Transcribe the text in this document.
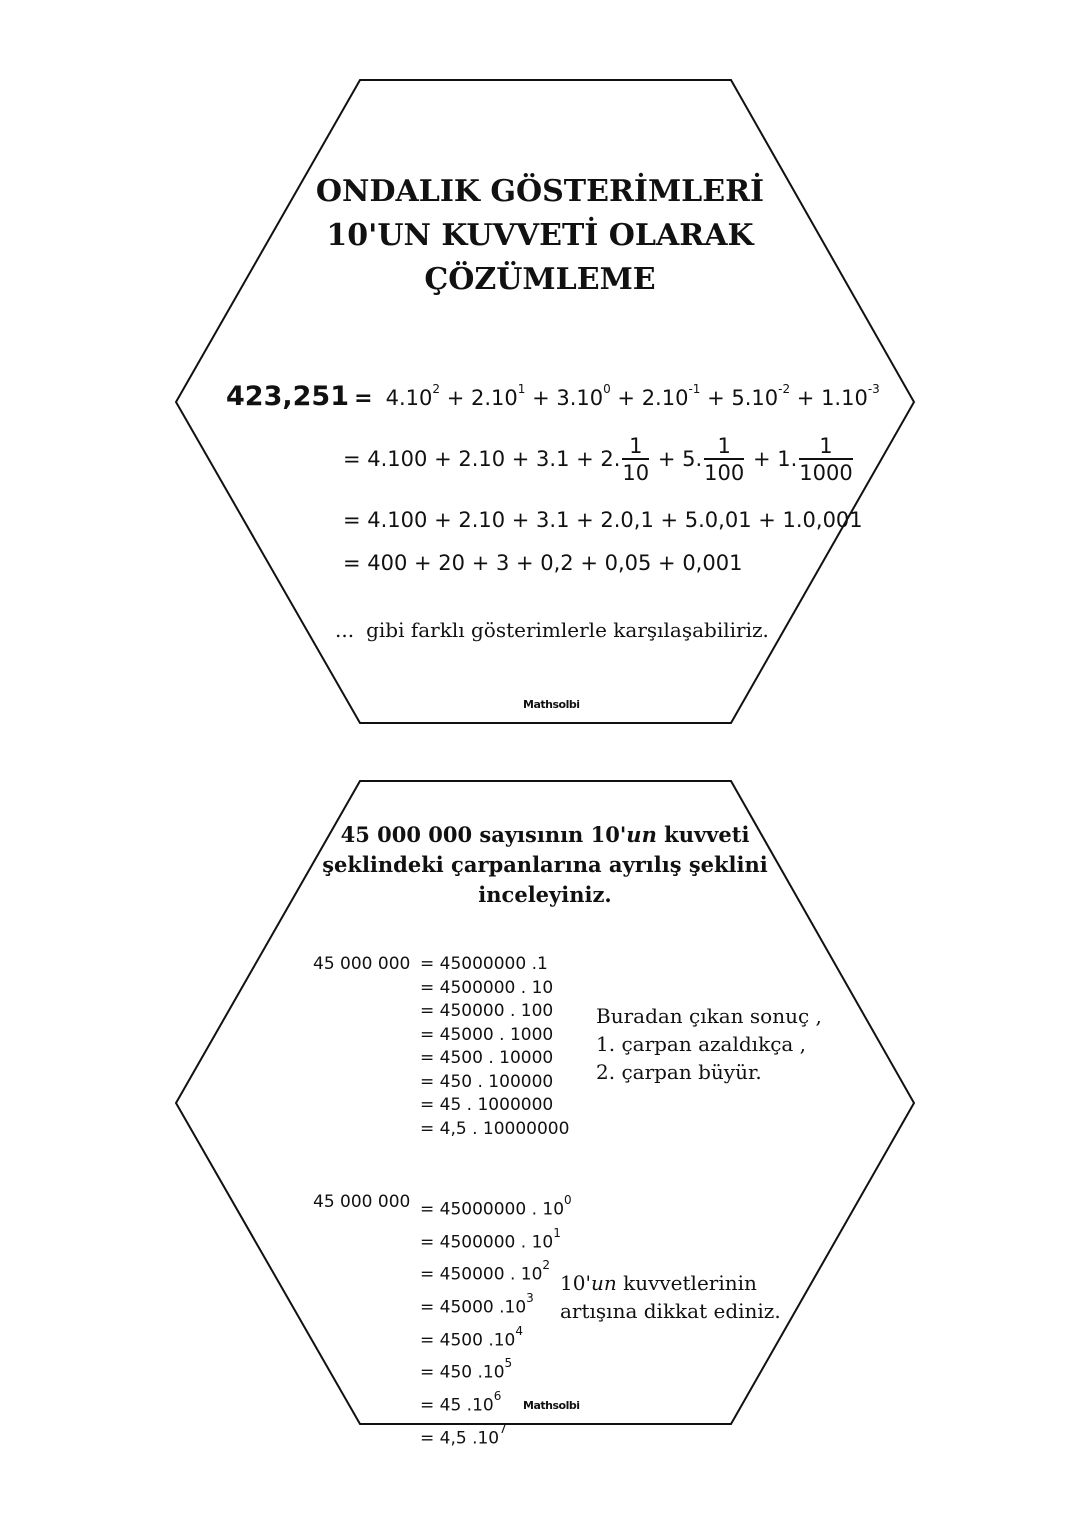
ONDALIK GÖSTERİMLERİ
10'UN KUVVETİ OLARAK
ÇÖZÜMLEME
$423,251 = 4.10^2 + 2.10^1 + 3.10^0 + 2.10^{-1} + 5.10^{-2} + 1.10^{-3}$
= 4.100 + 2.10 + 3.1 + 2. $\frac{1}{10} + 5$. $\frac{1}{100} + 1$. $\frac{1}{1000}$
= 4.100 + 2.10 + 3.1 + 2.0,1 + 5.0,01 + 1.0,001
= 400 + 20 + 3 + 0,2 + 0,05 + 0,001
... gibi farklı gösterimlerle karşılaşabiliriz.
Mathsolbi
45 000 000 sayısının 10'un kuvveti
şeklindeki çarpanlarına ayrılış şeklini
inceleyiniz.
45 000 000 = 45000000 .1
= 4500000 . 10
= 450000 . 100
= 45000 . 1000
= 4500 . 10000
= 450 . 100000
= 45 . 1000000
= 4,5 . 10000000
Buradan çıkan sonuç ,
1. çarpan azaldıkça ,
2. çarpan büyür.
45 000 000 = 45000000 . $10^0$
= 4500000 . $10^1$
= 450000 . $10^2$
= 45000 $.10^3$
= 4500 $.10^4$
= 450 $.10^5$
= 45 $.10^6$
= 4,5 $.10^7$
10'un kuvvetlerinin
artışına dikkat ediniz.
Mathsolbi
